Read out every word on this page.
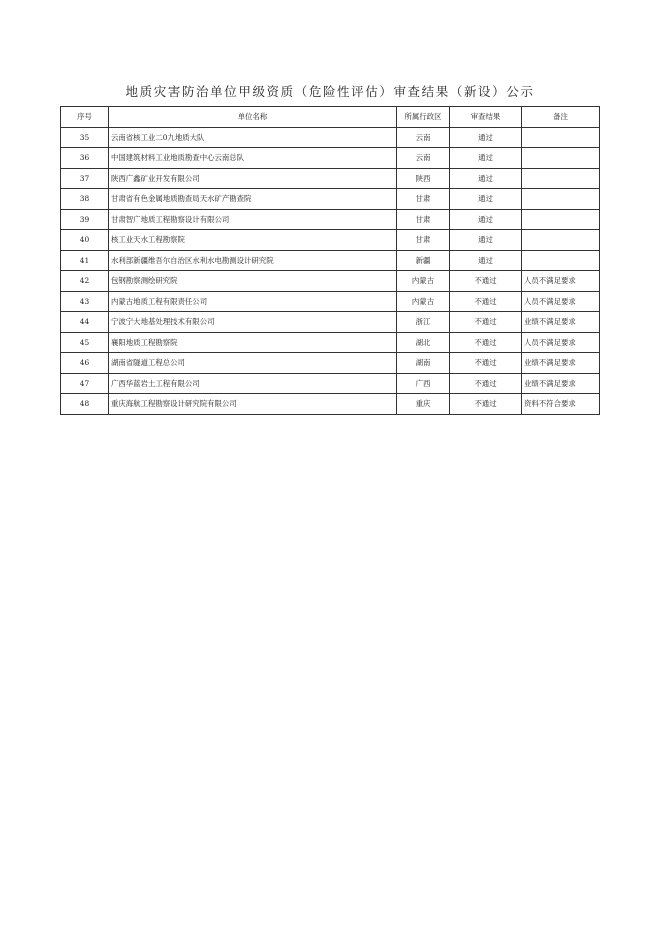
地质灾害防治单位甲级资质（危险性评估）审查结果（新设）公示
序号	单位名称	所属行政区	审查结果	备注
35	云南省核工业二0九地质大队	云南	通过	
36	中国建筑材料工业地质勘查中心云南总队	云南	通过	
37	陕西广鑫矿业开发有限公司	陕西	通过	
38	甘肃省有色金属地质勘查局天水矿产勘查院	甘肃	通过	
39	甘肃智广地质工程勘察设计有限公司	甘肃	通过	
40	核工业天水工程勘察院	甘肃	通过	
41	水利部新疆维吾尔自治区水利水电勘测设计研究院	新疆	通过	
42	包钢勘察测绘研究院	内蒙古	不通过	人员不满足要求
43	内蒙古地质工程有限责任公司	内蒙古	不通过	人员不满足要求
44	宁波宁大地基处理技术有限公司	浙江	不通过	业绩不满足要求
45	襄阳地质工程勘察院	湖北	不通过	人员不满足要求
46	湖南省隧道工程总公司	湖南	不通过	业绩不满足要求
47	广西华蓝岩土工程有限公司	广西	不通过	业绩不满足要求
48	重庆海航工程勘察设计研究院有限公司	重庆	不通过	资料不符合要求
